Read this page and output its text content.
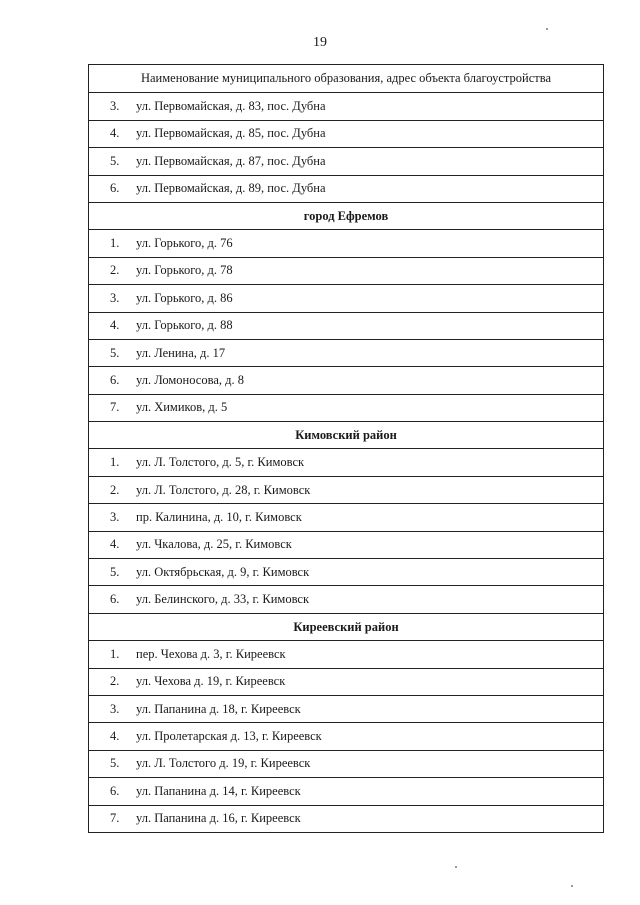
19
Наименование муниципального образования, адрес объекта благоустройства
3.	ул. Первомайская, д. 83, пос. Дубна
4.	ул. Первомайская, д. 85, пос. Дубна
5.	ул. Первомайская, д. 87, пос. Дубна
6.	ул. Первомайская, д. 89, пос. Дубна
город Ефремов
1.	ул. Горького, д. 76
2.	ул. Горького, д. 78
3.	ул. Горького, д. 86
4.	ул. Горького, д. 88
5.	ул. Ленина, д. 17
6.	ул. Ломоносова, д. 8
7.	ул. Химиков, д. 5
Кимовский район
1.	ул. Л. Толстого, д. 5, г. Кимовск
2.	ул. Л. Толстого, д. 28, г. Кимовск
3.	пр. Калинина, д. 10, г. Кимовск
4.	ул. Чкалова, д. 25, г. Кимовск
5.	ул. Октябрьская, д. 9, г. Кимовск
6.	ул. Белинского, д. 33, г. Кимовск
Киреевский район
1.	пер. Чехова д. 3, г. Киреевск
2.	ул. Чехова д. 19, г. Киреевск
3.	ул. Папанина д. 18, г. Киреевск
4.	ул. Пролетарская д. 13, г. Киреевск
5.	ул. Л. Толстого д. 19, г. Киреевск
6.	ул. Папанина д. 14, г. Киреевск
7.	ул. Папанина д. 16, г. Киреевск
